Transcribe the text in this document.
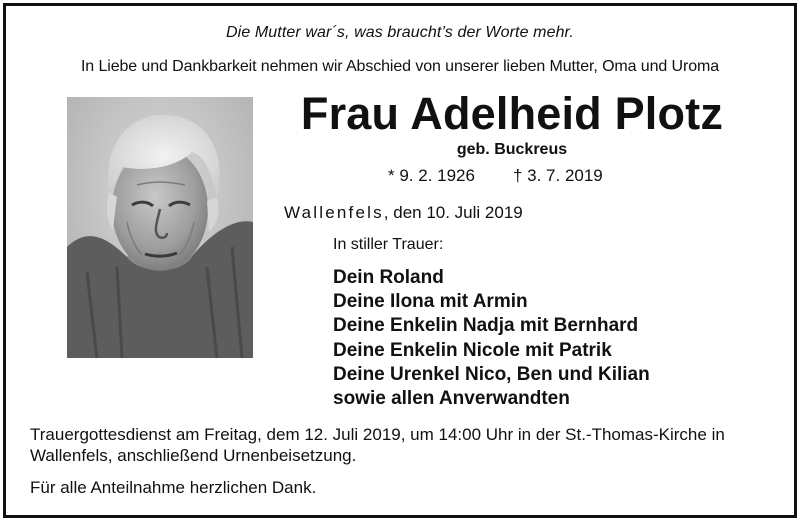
Die Mutter war´s, was braucht’s der Worte mehr.
In Liebe und Dankbarkeit nehmen wir Abschied von unserer lieben Mutter, Oma und Uroma
Frau Adelheid Plotz
geb. Buckreus
* 9. 2. 1926 † 3. 7. 2019
Wallenfels, den 10. Juli 2019
In stiller Trauer:
Dein Roland
Deine Ilona mit Armin
Deine Enkelin Nadja mit Bernhard
Deine Enkelin Nicole mit Patrik
Deine Urenkel Nico, Ben und Kilian
sowie allen Anverwandten
Trauergottesdienst am Freitag, dem 12. Juli 2019, um 14:00 Uhr in der St.-Thomas-Kirche in Wallenfels, anschließend Urnenbeisetzung.
Für alle Anteilnahme herzlichen Dank.
